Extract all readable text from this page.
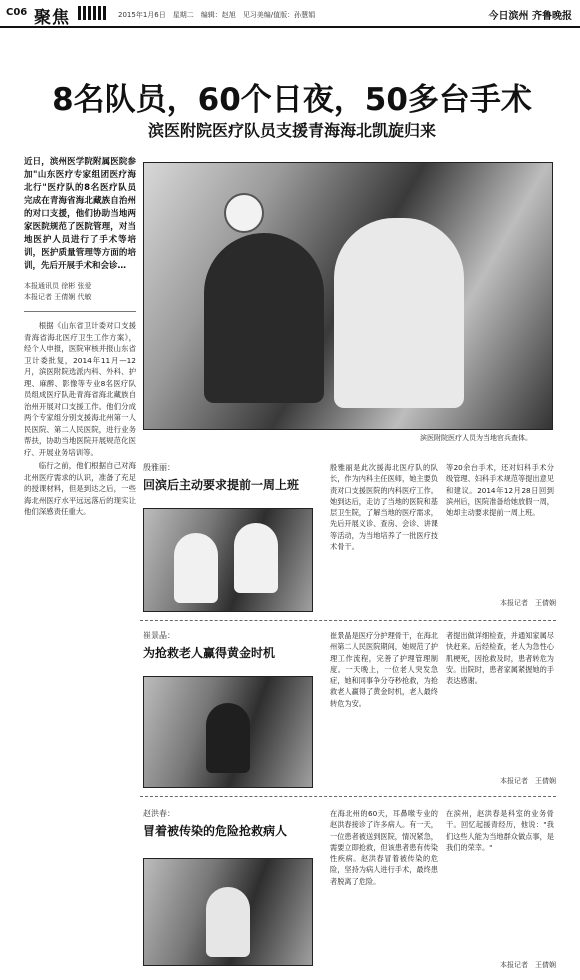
C06 聚焦	2015年1月6日　星期二　编辑：赵旭　见习美编/值版：孙慧娟	今日滨州 齐鲁晚报
8名队员，60个日夜，50多台手术
滨医附院医疗队员支援青海海北凯旋归来
近日，滨州医学院附属医院参加"山东医疗专家组团医疗海北行"医疗队的8名医疗队员完成在青海省海北藏族自治州的对口支援，他们协助当地两家医院规范了医院管理，对当地医护人员进行了手术等培训，医护质量管理等方面的培训，先后开展手术和会诊…
本报通讯员 徐彬 张爱
本报记者 王倩娴 代敏

根据《山东省卫计委对口支援青海省海北医疗卫生工作方案》，经个人申报，医院审核并报山东省卫计委批复，2014年11月—12月，滨医附院选派内科、外科、护理、麻醉、影像等专业8名医疗队员组成医疗队赴青海省海北藏族自治州开展对口支援工作。他们分成两个专家组分别支援海北州第一人民医院、第二人民医院，进行业务帮扶，协助当地医院开展规范化医疗、开展业务培训等。

临行之前，他们根据自己对海北州医疗需求的认识，准备了充足的授课材料，但是到达之后，一些海北州医疗水平远远落后的现实让他们深感责任重大。

滨医附院医疗人员为当地官兵查体。
殷雅丽：
回滨后主动要求提前一周上班
殷雅丽是此次援海北医疗队的队长，作为内科主任医师，她主要负责对口支援医院的内科医疗工作。她到达后，走访了当地的医院和基层卫生院，了解当地的医疗需求，先后开展义诊、查房、会诊、讲课等活动，为当地培养了一批医疗技术骨干。
等20余台手术，还对妇科手术分级管理、妇科手术规范等提出意见和建议。2014年12月28日回到滨州后，医院准备给她放假一周，她却主动要求提前一周上班。
本报记者　王倩娴
崔景晶：
为抢救老人赢得黄金时机
崔景晶是医疗分护理骨干，在海北州第二人民医院期间，她规范了护理工作流程，完善了护理管理制度。一天晚上，一位老人突发急症，她和同事争分夺秒抢救，为抢救老人赢得了黄金时机，老人最终转危为安。
者提出做详细检查，并通知家属尽快赶来。后经检查，老人为急性心肌梗死，因抢救及时，患者转危为安。出院时，患者家属紧握她的手表达感谢。
本报记者　王倩娴
赵洪春：
冒着被传染的危险抢救病人
在海北州的60天，耳鼻喉专业的赵洪春接诊了许多病人。有一天，一位患者被送到医院，情况紧急，需要立即抢救，但该患者患有传染性疾病。赵洪春冒着被传染的危险，坚持为病人进行手术，最终患者脱离了危险。
在滨州，赵洪春是科室的业务骨干。回忆起援青经历，他说："我们这些人能为当地群众做点事，是我们的荣幸。"
本报记者　王倩娴
